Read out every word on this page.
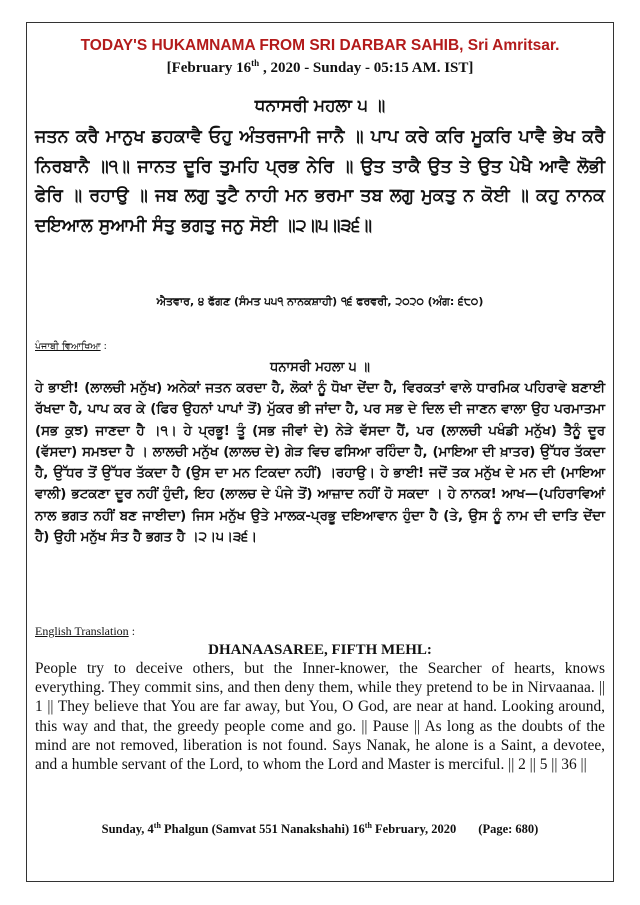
TODAY'S HUKAMNAMA FROM SRI DARBAR SAHIB, Sri Amritsar.
[February 16th , 2020 - Sunday - 05:15 AM. IST]
ਧਨਾਸਰੀ ਮਹਲਾ ੫ ॥
ਜਤਨ ਕਰੈ ਮਾਨੁਖ ਡਹਕਾਵੈ ਓਹੁ ਅੰਤਰਜਾਮੀ ਜਾਨੈ ॥ ਪਾਪ ਕਰੇ ਕਰਿ ਮੂਕਰਿ ਪਾਵੈ ਭੇਖ ਕਰੈ ਨਿਰਬਾਨੈ ॥੧॥ ਜਾਨਤ ਦੂਰਿ ਤੁਮਹਿ ਪ੍ਰਭ ਨੇਰਿ ॥ ਉਤ ਤਾਕੈ ਉਤ ਤੇ ਉਤ ਪੇਖੈ ਆਵੈ ਲੋਭੀ ਫੇਰਿ ॥ ਰਹਾਉ ॥ ਜਬ ਲਗੁ ਤੁਟੈ ਨਾਹੀ ਮਨ ਭਰਮਾ ਤਬ ਲਗੁ ਮੁਕਤੁ ਨ ਕੋਈ ॥ ਕਹੁ ਨਾਨਕ ਦਇਆਲ ਸੁਆਮੀ ਸੰਤੁ ਭਗਤੁ ਜਨੁ ਸੋਈ ॥੨॥੫॥੩੬॥
ਐਤਵਾਰ, ੪ ਫੱਗਣ (ਸੰਮਤ ੫੫੧ ਨਾਨਕਸ਼ਾਹੀ) ੧੬ ਫਰਵਰੀ, ੨੦੨੦ (ਅੰਗ: ੬੮੦)
ਪੰਜਾਬੀ ਵਿਆਖਿਆ :
ਧਨਾਸਰੀ ਮਹਲਾ ੫ ॥
ਹੇ ਭਾਈ! (ਲਾਲਚੀ ਮਨੁੱਖ) ਅਨੇਕਾਂ ਜਤਨ ਕਰਦਾ ਹੈ, ਲੋਕਾਂ ਨੂੰ ਧੋਖਾ ਦੇਂਦਾ ਹੈ, ਵਿਰਕਤਾਂ ਵਾਲੇ ਧਾਰਮਿਕ ਪਹਿਰਾਵੇ ਬਣਾਈ ਰੱਖਦਾ ਹੈ, ਪਾਪ ਕਰ ਕੇ (ਫਿਰ ਉਹਨਾਂ ਪਾਪਾਂ ਤੋਂ) ਮੁੱਕਰ ਭੀ ਜਾਂਦਾ ਹੈ, ਪਰ ਸਭ ਦੇ ਦਿਲ ਦੀ ਜਾਣਨ ਵਾਲਾ ਉਹ ਪਰਮਾਤਮਾ (ਸਭ ਕੁਝ) ਜਾਣਦਾ ਹੈ ।੧। ਹੇ ਪ੍ਰਭੂ! ਤੂੰ (ਸਭ ਜੀਵਾਂ ਦੇ) ਨੇੜੇ ਵੱਸਦਾ ਹੈਂ, ਪਰ (ਲਾਲਚੀ ਪਖੰਡੀ ਮਨੁੱਖ) ਤੈਨੂੰ ਦੂਰ (ਵੱਸਦਾ) ਸਮਝਦਾ ਹੈ । ਲਾਲਚੀ ਮਨੁੱਖ (ਲਾਲਚ ਦੇ) ਗੇੜ ਵਿਚ ਫਸਿਆ ਰਹਿੰਦਾ ਹੈ, (ਮਾਇਆ ਦੀ ਖ਼ਾਤਰ) ਉੱਧਰ ਤੱਕਦਾ ਹੈ, ਉੱਧਰ ਤੋਂ ਉੱਧਰ ਤੱਕਦਾ ਹੈ (ਉਸ ਦਾ ਮਨ ਟਿਕਦਾ ਨਹੀਂ) ।ਰਹਾਉ। ਹੇ ਭਾਈ! ਜਦੋਂ ਤਕ ਮਨੁੱਖ ਦੇ ਮਨ ਦੀ (ਮਾਇਆ ਵਾਲੀ) ਭਟਕਣਾ ਦੂਰ ਨਹੀਂ ਹੁੰਦੀ, ਇਹ (ਲਾਲਚ ਦੇ ਪੰਜੇ ਤੋਂ) ਆਜ਼ਾਦ ਨਹੀਂ ਹੋ ਸਕਦਾ । ਹੇ ਨਾਨਕ! ਆਖ—(ਪਹਿਰਾਵਿਆਂ ਨਾਲ ਭਗਤ ਨਹੀਂ ਬਣ ਜਾਈਦਾ) ਜਿਸ ਮਨੁੱਖ ਉਤੇ ਮਾਲਕ-ਪ੍ਰਭੂ ਦਇਆਵਾਨ ਹੁੰਦਾ ਹੈ (ਤੇ, ਉਸ ਨੂੰ ਨਾਮ ਦੀ ਦਾਤਿ ਦੇਂਦਾ ਹੈ) ਉਹੀ ਮਨੁੱਖ ਸੰਤ ਹੈ ਭਗਤ ਹੈ ।੨।੫।੩੬।
English Translation :
DHANAASAREE, FIFTH MEHL:
People try to deceive others, but the Inner-knower, the Searcher of hearts, knows everything. They commit sins, and then deny them, while they pretend to be in Nirvaanaa. || 1 || They believe that You are far away, but You, O God, are near at hand. Looking around, this way and that, the greedy people come and go. || Pause || As long as the doubts of the mind are not removed, liberation is not found. Says Nanak, he alone is a Saint, a devotee, and a humble servant of the Lord, to whom the Lord and Master is merciful. || 2 || 5 || 36 ||
Sunday, 4th Phalgun (Samvat 551 Nanakshahi) 16th February, 2020 (Page: 680)
